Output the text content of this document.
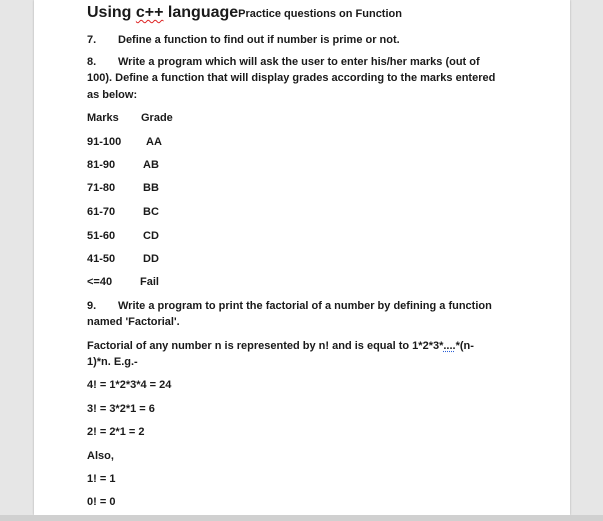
Using c++ languagePractice questions on Function
7. Define a function to find out if number is prime or not.
8. Write a program which will ask the user to enter his/her marks (out of
100). Define a function that will display grades according to the marks entered
as below:
Marks Grade
91-100 AA
81-90	AB
71-80	BB
61-70	BC
51-60	CD
41-50	DD
<=40	Fail
9. Write a program to print the factorial of a number by defining a function
named 'Factorial'.
Factorial of any number n is represented by n! and is equal to 1*2*3*....*(n-
1)*n. E.g.-
4! = 1*2*3*4 = 24
3! = 3*2*1 = 6
2! = 2*1 = 2
Also,
1! = 1
0! = 0
